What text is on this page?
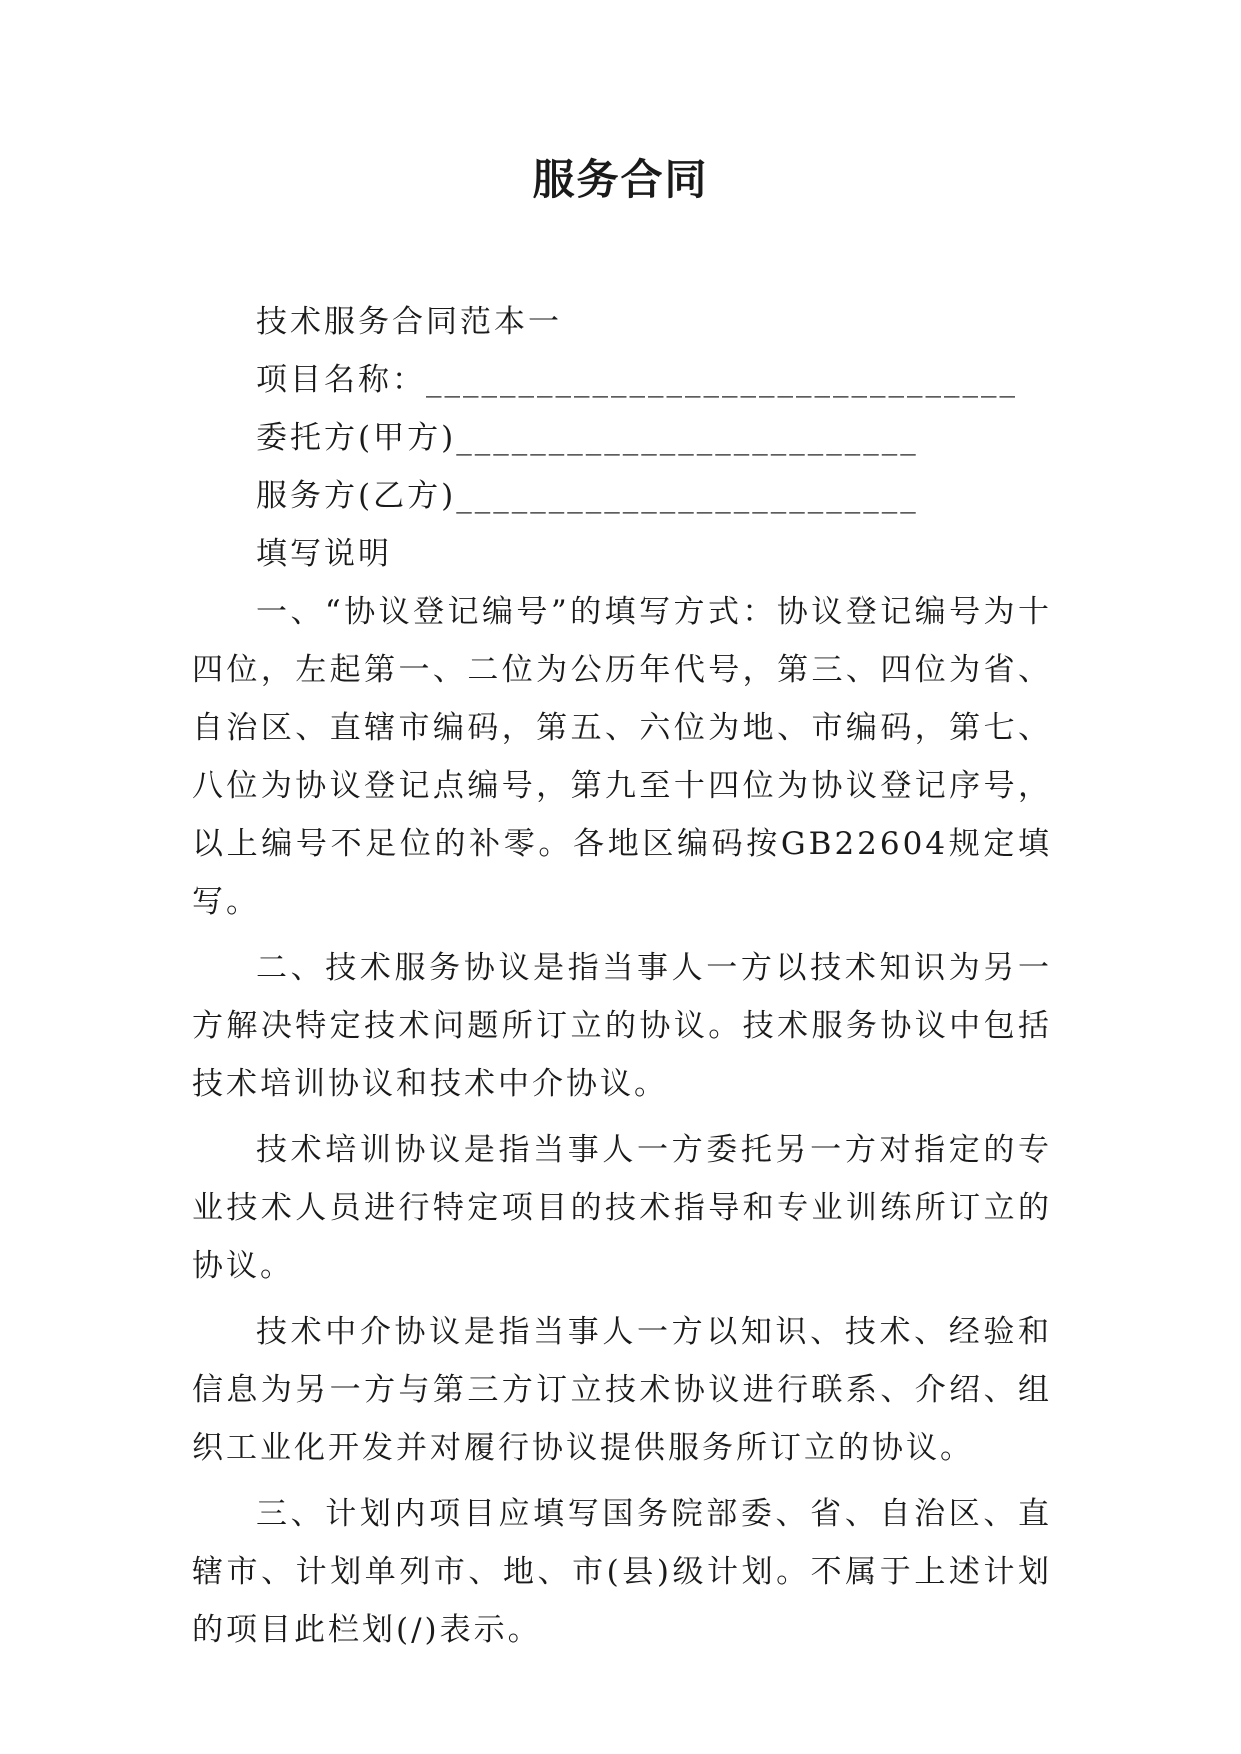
服务合同

技术服务合同范本一

项目名称：________________________________

委托方(甲方)_________________________

服务方(乙方)_________________________

填写说明

一、“协议登记编号”的填写方式：协议登记编号为十四位，左起第一、二位为公历年代号，第三、四位为省、自治区、直辖市编码，第五、六位为地、市编码，第七、八位为协议登记点编号，第九至十四位为协议登记序号，以上编号不足位的补零。各地区编码按GB22604规定填写。

二、技术服务协议是指当事人一方以技术知识为另一方解决特定技术问题所订立的协议。技术服务协议中包括技术培训协议和技术中介协议。

技术培训协议是指当事人一方委托另一方对指定的专业技术人员进行特定项目的技术指导和专业训练所订立的协议。

技术中介协议是指当事人一方以知识、技术、经验和信息为另一方与第三方订立技术协议进行联系、介绍、组织工业化开发并对履行协议提供服务所订立的协议。

三、计划内项目应填写国务院部委、省、自治区、直辖市、计划单列市、地、市(县)级计划。不属于上述计划的项目此栏划(/)表示。
